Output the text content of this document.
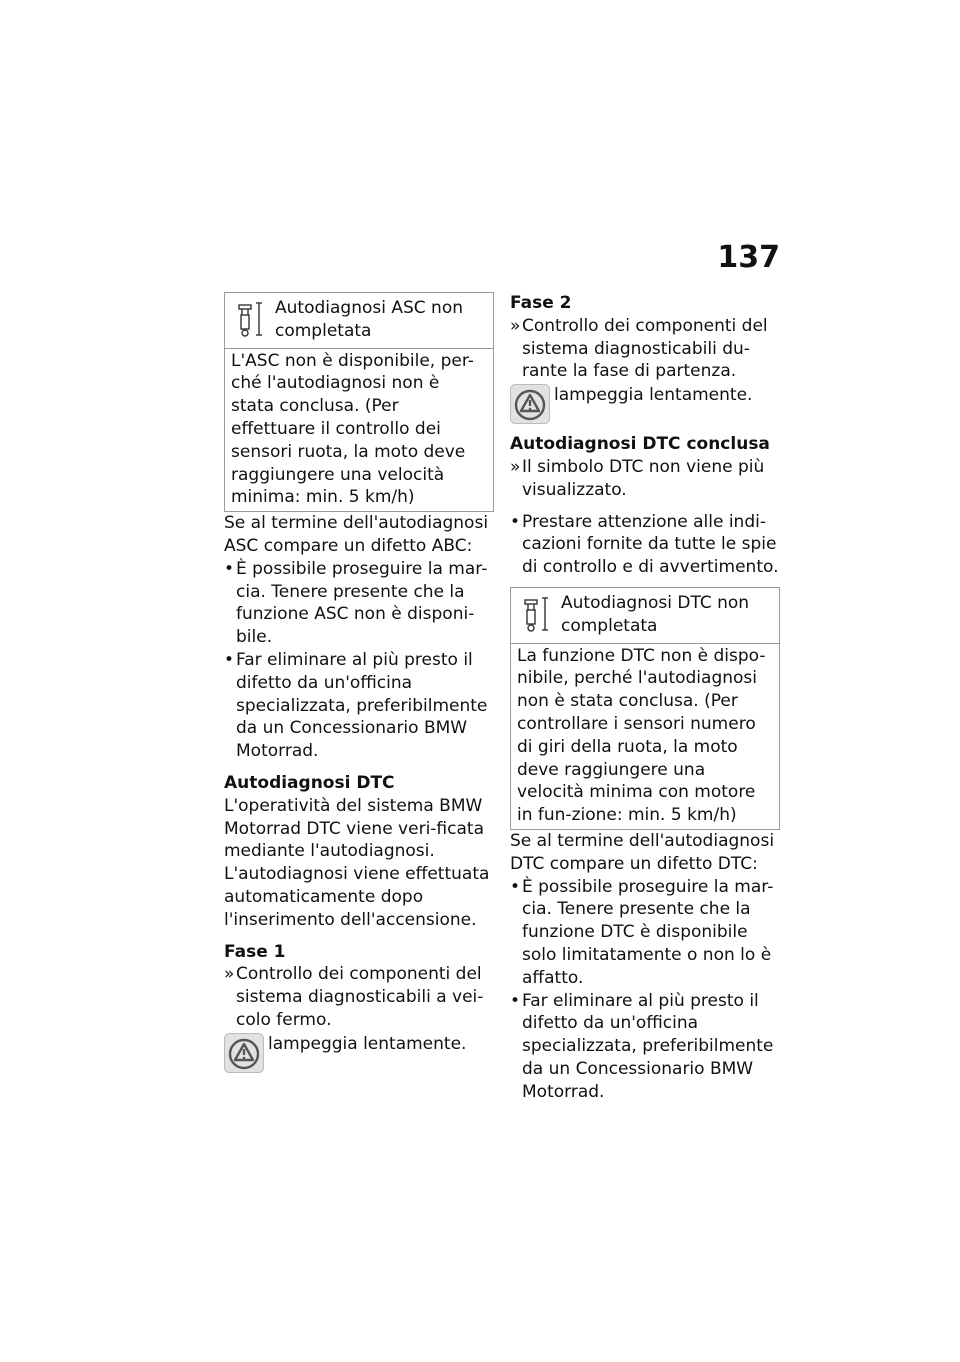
137
Autodiagnosi ASC non completata
L'ASC non è disponibile, per-ché l'autodiagnosi non è stata conclusa. (Per effettuare il controllo dei sensori ruota, la moto deve raggiungere una velocità minima: min. 5 km/h)

Se al termine dell'autodiagnosi ASC compare un difetto ABC:

• È possibile proseguire la mar-cia. Tenere presente che la funzione ASC non è disponi-bile.
• Far eliminare al più presto il difetto da un'officina specializzata, preferibilmente da un Concessionario BMW Motorrad.

Autodiagnosi DTC

L'operatività del sistema BMW Motorrad DTC viene veri-ficata mediante l'autodiagnosi. L'autodiagnosi viene effettuata automaticamente dopo l'inserimento dell'accensione.

Fase 1

» Controllo dei componenti del sistema diagnosticabili a vei-colo fermo.
lampeggia lentamente.

Fase 2

» Controllo dei componenti del sistema diagnosticabili du-rante la fase di partenza.
lampeggia lentamente.

Autodiagnosi DTC conclusa

» Il simbolo DTC non viene più visualizzato.
• Prestare attenzione alle indi-cazioni fornite da tutte le spie di controllo e di avvertimento.
Autodiagnosi DTC non completata
La funzione DTC non è dispo-nibile, perché l'autodiagnosi non è stata conclusa. (Per controllare i sensori numero di giri della ruota, la moto deve raggiungere una velocità minima con motore in fun-zione: min. 5 km/h)

Se al termine dell'autodiagnosi DTC compare un difetto DTC:

• È possibile proseguire la mar-cia. Tenere presente che la funzione DTC è disponibile solo limitatamente o non lo è affatto.
• Far eliminare al più presto il difetto da un'officina specializzata, preferibilmente da un Concessionario BMW Motorrad.
